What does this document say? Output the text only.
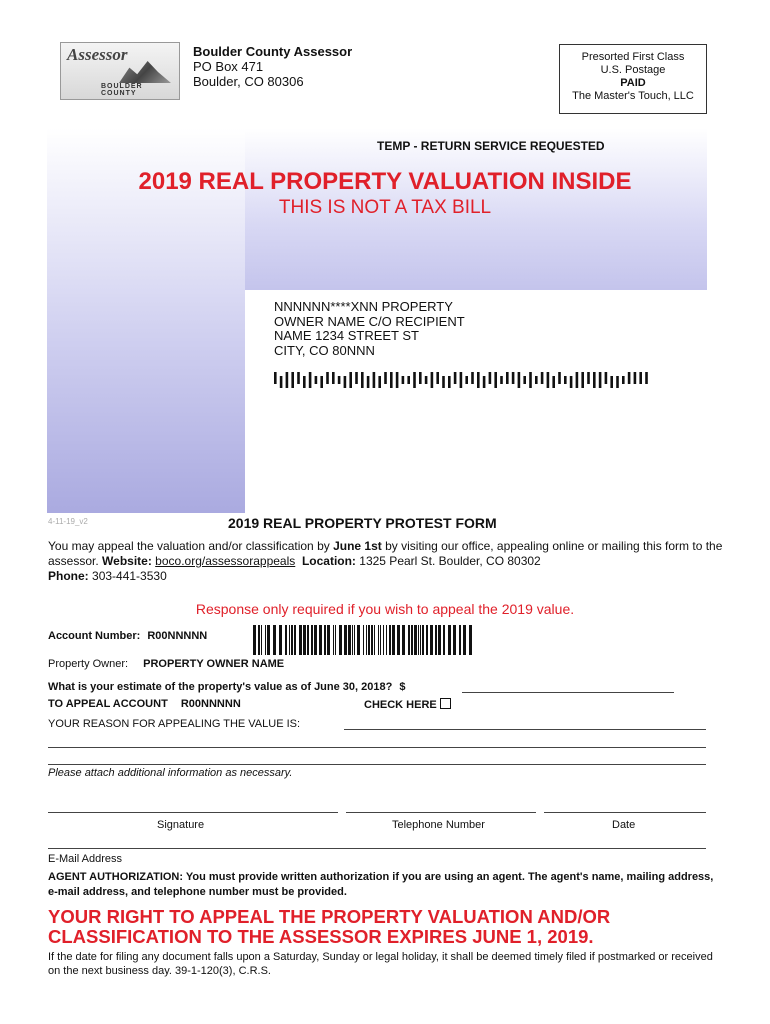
Assessor
BOULDER COUNTY
Boulder County Assessor
PO Box 471
Boulder, CO 80306
Presorted First Class
U.S. Postage
PAID
The Master's Touch, LLC
TEMP - RETURN SERVICE REQUESTED
2019 REAL PROPERTY VALUATION INSIDE
THIS IS NOT A TAX BILL
NNNNNN****XNN PROPERTY
OWNER NAME C/O RECIPIENT
NAME 1234 STREET ST
CITY, CO 80NNN
4-11-19_v2	2019 REAL PROPERTY PROTEST FORM
You may appeal the valuation and/or classification by June 1st by visiting our office, appealing online or mailing this form to the assessor. Website: boco.org/assessorappeals Location: 1325 Pearl St. Boulder, CO 80302
Phone: 303-441-3530
Response only required if you wish to appeal the 2019 value.
Account Number: R00NNNNN
Property Owner: PROPERTY OWNER NAME
What is your estimate of the property's value as of June 30, 2018? $
TO APPEAL ACCOUNT R00NNNNN	CHECK HERE
YOUR REASON FOR APPEALING THE VALUE IS:
Please attach additional information as necessary.
Signature	Telephone Number	Date
E-Mail Address
AGENT AUTHORIZATION: You must provide written authorization if you are using an agent. The agent's name, mailing address, e-mail address, and telephone number must be provided.
YOUR RIGHT TO APPEAL THE PROPERTY VALUATION AND/OR CLASSIFICATION TO THE ASSESSOR EXPIRES JUNE 1, 2019.
If the date for filing any document falls upon a Saturday, Sunday or legal holiday, it shall be deemed timely filed if postmarked or received on the next business day. 39-1-120(3), C.R.S.
